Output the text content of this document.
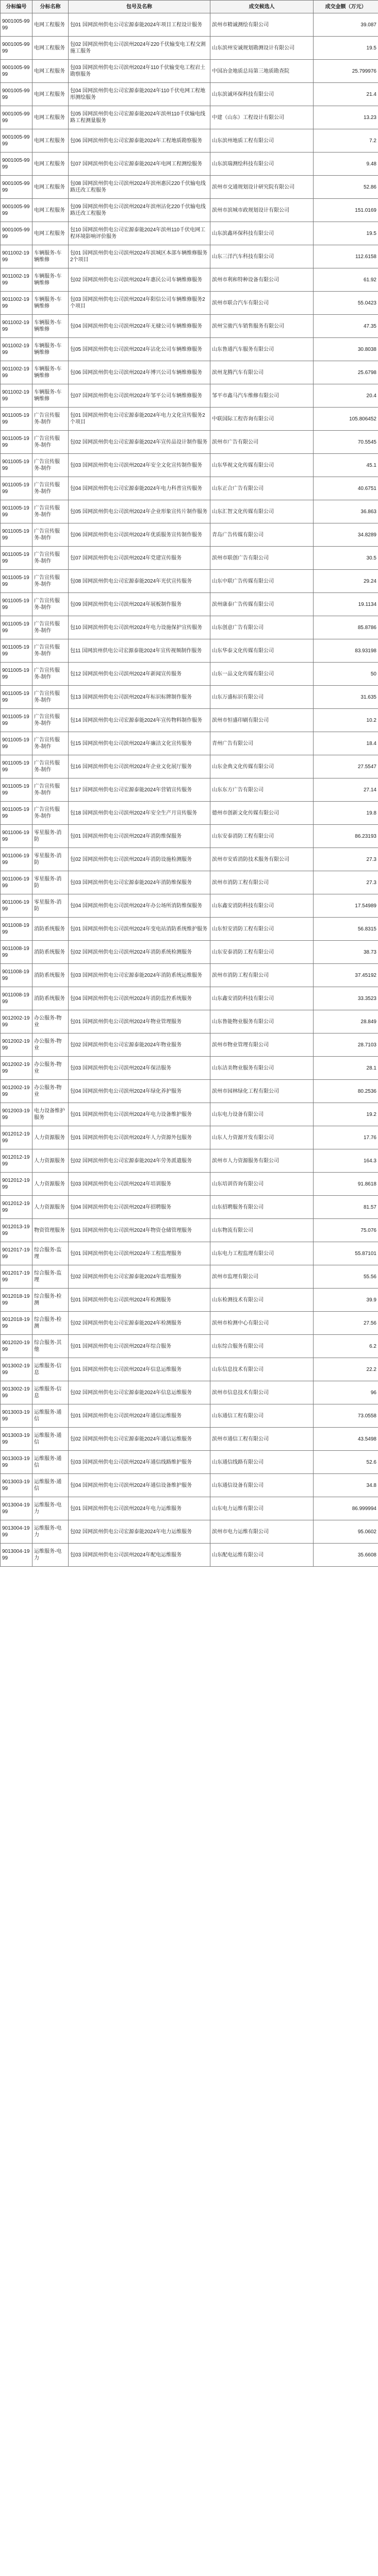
分标编号	分标名称	包号及名称	成交候选人	成交金额（万元）
9001005-9999	电网工程服务	包01 国网滨州供电公司宏源泰能2024年项目工程设计服务	滨州市精诚测绘有限公司	39.087
9001005-9999	电网工程服务	包02 国网滨州供电公司滨州2024年220千伏输变电工程交割施工服务	山东滨州安诚规划勘测设计有限公司	19.5
9001005-9999	电网工程服务	包03 国网滨州供电公司滨州2024年110千伏输变电工程岩土勘察服务	中国冶金地质总局第三地质勘查院	25.799976
9001005-9999	电网工程服务	包04 国网滨州供电公司宏源泰能2024年110千伏电网工程地形测绘服务	山东滨诚环保科技有限公司	21.4
9001005-9999	电网工程服务	包05 国网滨州供电公司宏源泰能2024年滨州110千伏输电线路工程测量服务	中建（山东）工程设计有限公司	13.23
9001005-9999	电网工程服务	包06 国网滨州供电公司宏源泰能2024年工程地质勘察服务	山东滨州地质工程有限公司	7.2
9001005-9999	电网工程服务	包07 国网滨州供电公司宏源泰能2024年电网工程测绘服务	山东滨瑞测绘科技有限公司	9.48
9001005-9999	电网工程服务	包08 国网滨州供电公司滨州2024年滨州惠民220千伏输电线路迁改工程服务	滨州市交通规划设计研究院有限公司	52.86
9001005-9999	电网工程服务	包09 国网滨州供电公司滨州2024年滨州沾化220千伏输电线路迁改工程服务	滨州市滨城市政规划设计有限公司	151.0169
9001005-9999	电网工程服务	包10 国网滨州供电公司宏源泰能2024年滨州110千伏电网工程环境影响评价服务	山东滨鑫环保科技有限公司	19.5
9011002-1999	车辆服务-车辆维修	包01 国网滨州供电公司滨州2024年滨城区本部车辆维修服务2个项目	山东三洋汽车科技有限公司	112.6158
9011002-1999	车辆服务-车辆维修	包02 国网滨州供电公司滨州2024年惠民公司车辆维修服务	滨州市利和特种设备有限公司	61.92
9011002-1999	车辆服务-车辆维修	包03 国网滨州供电公司滨州2024年阳信公司车辆维修服务2个项目	滨州市联合汽车有限公司	55.0423
9011002-1999	车辆服务-车辆维修	包04 国网滨州供电公司滨州2024年无棣公司车辆维修服务	滨州宝骏汽车销售服务有限公司	47.35
9011002-1999	车辆服务-车辆维修	包05 国网滨州供电公司滨州2024年沾化公司车辆维修服务	山东鲁通汽车服务有限公司	30.8038
9011002-1999	车辆服务-车辆维修	包06 国网滨州供电公司滨州2024年博兴公司车辆维修服务	滨州龙腾汽车有限公司	25.6798
9011002-1999	车辆服务-车辆维修	包07 国网滨州供电公司滨州2024年邹平公司车辆维修服务	邹平市鑫马汽车维修有限公司	20.4
9011005-1999	广告宣传服务-制作	包01 国网滨州供电公司宏源泰能2024年电力文化宣传服务2个项目	中联国际工程咨询有限公司	105.806452
9011005-1999	广告宣传服务-制作	包02 国网滨州供电公司宏源泰能2024年宣传品设计制作服务	滨州市广告有限公司	70.5545
9011005-1999	广告宣传服务-制作	包03 国网滨州供电公司滨州2024年安全文化宣传制作服务	山东华视文化传媒有限公司	45.1
9011005-1999	广告宣传服务-制作	包04 国网滨州供电公司宏源泰能2024年电力科普宣传服务	山东正合广告有限公司	40.6751
9011005-1999	广告宣传服务-制作	包05 国网滨州供电公司滨州2024年企业形象宣传片制作服务	山东汇智文化传媒有限公司	36.863
9011005-1999	广告宣传服务-制作	包06 国网滨州供电公司滨州2024年优质服务宣传制作服务	青岛广告传媒有限公司	34.8289
9011005-1999	广告宣传服务-制作	包07 国网滨州供电公司滨州2024年党建宣传服务	滨州市联创广告有限公司	30.5
9011005-1999	广告宣传服务-制作	包08 国网滨州供电公司宏源泰能2024年光伏宣传服务	山东中联广告传媒有限公司	29.24
9011005-1999	广告宣传服务-制作	包09 国网滨州供电公司滨州2024年展板制作服务	滨州康泰广告传媒有限公司	19.1134
9011005-1999	广告宣传服务-制作	包10 国网滨州供电公司滨州2024年电力设施保护宣传服务	山东创意广告有限公司	85.8786
9011005-1999	广告宣传服务-制作	包11 国网滨州供电公司宏源泰能2024年宣传视频制作服务	山东华泰文化传媒有限公司	83.93198
9011005-1999	广告宣传服务-制作	包12 国网滨州供电公司滨州2024年新闻宣传服务	山东一品文化传媒有限公司	50
9011005-1999	广告宣传服务-制作	包13 国网滨州供电公司滨州2024年标识标牌制作服务	山东万盛标识有限公司	31.635
9011005-1999	广告宣传服务-制作	包14 国网滨州供电公司宏源泰能2024年宣传物料制作服务	滨州市恒盛印刷有限公司	10.2
9011005-1999	广告宣传服务-制作	包15 国网滨州供电公司滨州2024年廉洁文化宣传服务	青州广告有限公司	18.4
9011005-1999	广告宣传服务-制作	包16 国网滨州供电公司滨州2024年企业文化展厅服务	山东金典文化传媒有限公司	27.5547
9011005-1999	广告宣传服务-制作	包17 国网滨州供电公司宏源泰能2024年营销宣传服务	山东东方广告有限公司	27.14
9011005-1999	广告宣传服务-制作	包18 国网滨州供电公司滨州2024年安全生产月宣传服务	德州市创新文化传媒有限公司	19.8
9011006-1999	零星服务-消防	包01 国网滨州供电公司滨州2024年消防维保服务	山东安泰消防工程有限公司	86.23193
9011006-1999	零星服务-消防	包02 国网滨州供电公司滨州2024年消防设施检测服务	滨州市安盾消防技术服务有限公司	27.3
9011006-1999	零星服务-消防	包03 国网滨州供电公司宏源泰能2024年消防维保服务	滨州市消防工程有限公司	27.3
9011006-1999	零星服务-消防	包04 国网滨州供电公司滨州2024年办公场所消防维保服务	山东鑫安消防科技有限公司	17.54989
9011008-1999	消防系统服务	包01 国网滨州供电公司滨州2024年变电站消防系统维护服务	山东恒安消防工程有限公司	56.8315
9011008-1999	消防系统服务	包02 国网滨州供电公司滨州2024年消防系统检测服务	山东安泰消防工程有限公司	38.73
9011008-1999	消防系统服务	包03 国网滨州供电公司宏源泰能2024年消防系统运维服务	滨州市消防工程有限公司	37.45192
9011008-1999	消防系统服务	包04 国网滨州供电公司滨州2024年消防监控系统服务	山东鑫安消防科技有限公司	33.3523
9012002-1999	办公服务-物业	包01 国网滨州供电公司滨州2024年物业管理服务	山东鲁能物业服务有限公司	28.849
9012002-1999	办公服务-物业	包02 国网滨州供电公司宏源泰能2024年物业服务	滨州市物业管理有限公司	28.7103
9012002-1999	办公服务-物业	包03 国网滨州供电公司滨州2024年保洁服务	山东洁美物业服务有限公司	28.1
9012002-1999	办公服务-物业	包04 国网滨州供电公司滨州2024年绿化养护服务	滨州市园林绿化工程有限公司	80.2536
9012003-1999	电力设备维护服务	包01 国网滨州供电公司滨州2024年电力设备维护服务	山东电力设备有限公司	19.2
9012012-1999	人力资源服务	包01 国网滨州供电公司滨州2024年人力资源外包服务	山东人力资源开发有限公司	17.76
9012012-1999	人力资源服务	包02 国网滨州供电公司宏源泰能2024年劳务派遣服务	滨州市人力资源服务有限公司	164.3
9012012-1999	人力资源服务	包03 国网滨州供电公司滨州2024年培训服务	山东培训咨询有限公司	91.8618
9012012-1999	人力资源服务	包04 国网滨州供电公司滨州2024年招聘服务	山东招聘服务有限公司	81.57
9012013-1999	物资管理服务	包01 国网滨州供电公司滨州2024年物资仓储管理服务	山东物流有限公司	75.076
9012017-1999	综合服务-监理	包01 国网滨州供电公司滨州2024年工程监理服务	山东电力工程监理有限公司	55.87101
9012017-1999	综合服务-监理	包02 国网滨州供电公司宏源泰能2024年监理服务	滨州市监理有限公司	55.56
9012018-1999	综合服务-检测	包01 国网滨州供电公司滨州2024年检测服务	山东检测技术有限公司	39.9
9012018-1999	综合服务-检测	包02 国网滨州供电公司宏源泰能2024年检测服务	滨州市检测中心有限公司	27.56
9012020-1999	综合服务-其他	包01 国网滨州供电公司滨州2024年综合服务	山东综合服务有限公司	6.2
9013002-1999	运维服务-信息	包01 国网滨州供电公司滨州2024年信息运维服务	山东信息技术有限公司	22.2
9013002-1999	运维服务-信息	包02 国网滨州供电公司宏源泰能2024年信息运维服务	滨州市信息技术有限公司	96
9013003-1999	运维服务-通信	包01 国网滨州供电公司滨州2024年通信运维服务	山东通信工程有限公司	73.0558
9013003-1999	运维服务-通信	包02 国网滨州供电公司宏源泰能2024年通信运维服务	滨州市通信工程有限公司	43.5498
9013003-1999	运维服务-通信	包03 国网滨州供电公司滨州2024年通信线路维护服务	山东通信线路有限公司	52.6
9013003-1999	运维服务-通信	包04 国网滨州供电公司滨州2024年通信设备维护服务	山东通信设备有限公司	34.8
9013004-1999	运维服务-电力	包01 国网滨州供电公司滨州2024年电力运维服务	山东电力运维有限公司	86.999994
9013004-1999	运维服务-电力	包02 国网滨州供电公司宏源泰能2024年电力运维服务	滨州市电力运维有限公司	95.0602
9013004-1999	运维服务-电力	包03 国网滨州供电公司滨州2024年配电运维服务	山东配电运维有限公司	35.6608
